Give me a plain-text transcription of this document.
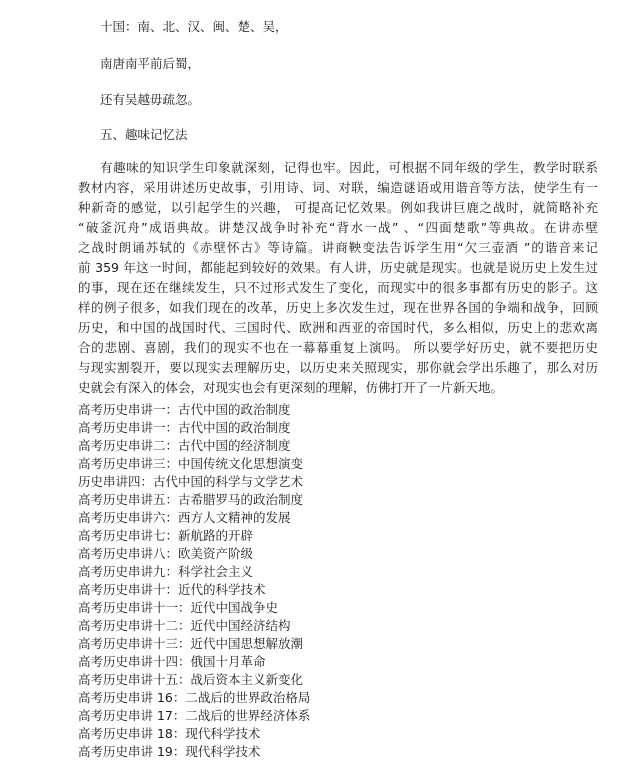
十国：南、北、汉、闽、楚、吴，
南唐南平前后蜀，
还有吴越毋疏忽。
五、趣味记忆法
有趣味的知识学生印象就深刻，记得也牢。因此，可根据不同年级的学生，教学时联系
教材内容，采用讲述历史故事，引用诗、词、对联，编造谜语或用谐音等方法，使学生有一
种新奇的感觉，以引起学生的兴趣， 可提高记忆效果。例如我讲巨鹿之战时，就简略补充
“破釜沉舟”成语典故。讲楚汉战争时补充“背水一战” 、“四面楚歌”等典故。在讲赤壁
之战时朗诵苏轼的《赤壁怀古》等诗篇。讲商鞅变法告诉学生用“欠三壶酒 ”的谐音来记
前 359 年这一时间，都能起到较好的效果。有人讲，历史就是现实。也就是说历史上发生过
的事，现在还在继续发生，只不过形式发生了变化，而现实中的很多事都有历史的影子。这
样的例子很多，如我们现在的改革，历史上多次发生过，现在世界各国的争端和战争，回顾
历史，和中国的战国时代、三国时代、欧洲和西亚的帝国时代，多么相似，历史上的悲欢离
合的悲剧、喜剧，我们的现实不也在一幕幕重复上演吗。 所以要学好历史，就不要把历史
与现实割裂开，要以现实去理解历史，以历史来关照现实，那你就会学出乐趣了，那么对历
史就会有深入的体会，对现实也会有更深刻的理解，仿佛打开了一片新天地。
高考历史串讲一：古代中国的政治制度
高考历史串讲一：古代中国的政治制度
高考历史串讲二：古代中国的经济制度
高考历史串讲三：中国传统文化思想演变
历史串讲四：古代中国的科学与文学艺术
高考历史串讲五：古希腊罗马的政治制度
高考历史串讲六：西方人文精神的发展
高考历史串讲七：新航路的开辟
高考历史串讲八：欧美资产阶级
高考历史串讲九：科学社会主义
高考历史串讲十：近代的科学技术
高考历史串讲十一：近代中国战争史
高考历史串讲十二：近代中国经济结构
高考历史串讲十三：近代中国思想解放潮
高考历史串讲十四：俄国十月革命
高考历史串讲十五：战后资本主义新变化
高考历史串讲 16：二战后的世界政治格局
高考历史串讲 17：二战后的世界经济体系
高考历史串讲 18：现代科学技术
高考历史串讲 19：现代科学技术
